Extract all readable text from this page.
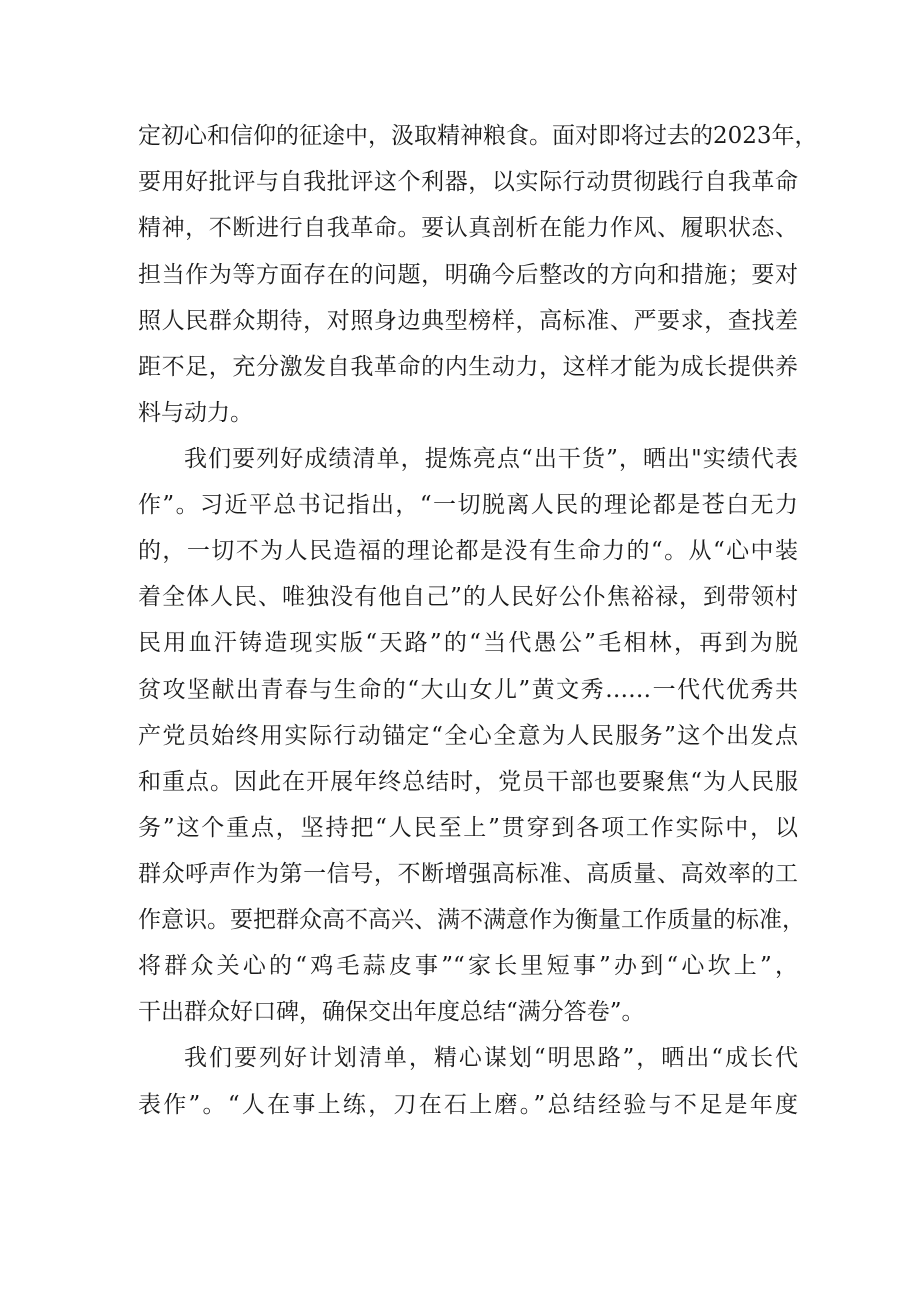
定初心和信仰的征途中，汲取精神粮食。面对即将过去的2023年，
要用好批评与自我批评这个利器，以实际行动贯彻践行自我革命
精神，不断进行自我革命。要认真剖析在能力作风、履职状态、
担当作为等方面存在的问题，明确今后整改的方向和措施；要对
照人民群众期待，对照身边典型榜样，高标准、严要求，查找差
距不足，充分激发自我革命的内生动力，这样才能为成长提供养
料与动力。
我们要列好成绩清单，提炼亮点“出干货”，晒出"实绩代表
作”。习近平总书记指出，“一切脱离人民的理论都是苍白无力
的，一切不为人民造福的理论都是没有生命力的“。从“心中装
着全体人民、唯独没有他自己”的人民好公仆焦裕禄，到带领村
民用血汗铸造现实版“天路”的“当代愚公”毛相林，再到为脱
贫攻坚献出青春与生命的“大山女儿”黄文秀……一代代优秀共
产党员始终用实际行动锚定“全心全意为人民服务”这个出发点
和重点。因此在开展年终总结时，党员干部也要聚焦“为人民服
务”这个重点，坚持把“人民至上”贯穿到各项工作实际中，以
群众呼声作为第一信号，不断增强高标准、高质量、高效率的工
作意识。要把群众高不高兴、满不满意作为衡量工作质量的标准，
将群众关心的“鸡毛蒜皮事”“家长里短事”办到“心坎上”，
干出群众好口碑，确保交出年度总结“满分答卷”。
我们要列好计划清单，精心谋划“明思路”，晒出“成长代
表作”。“人在事上练，刀在石上磨。”总结经验与不足是年度
